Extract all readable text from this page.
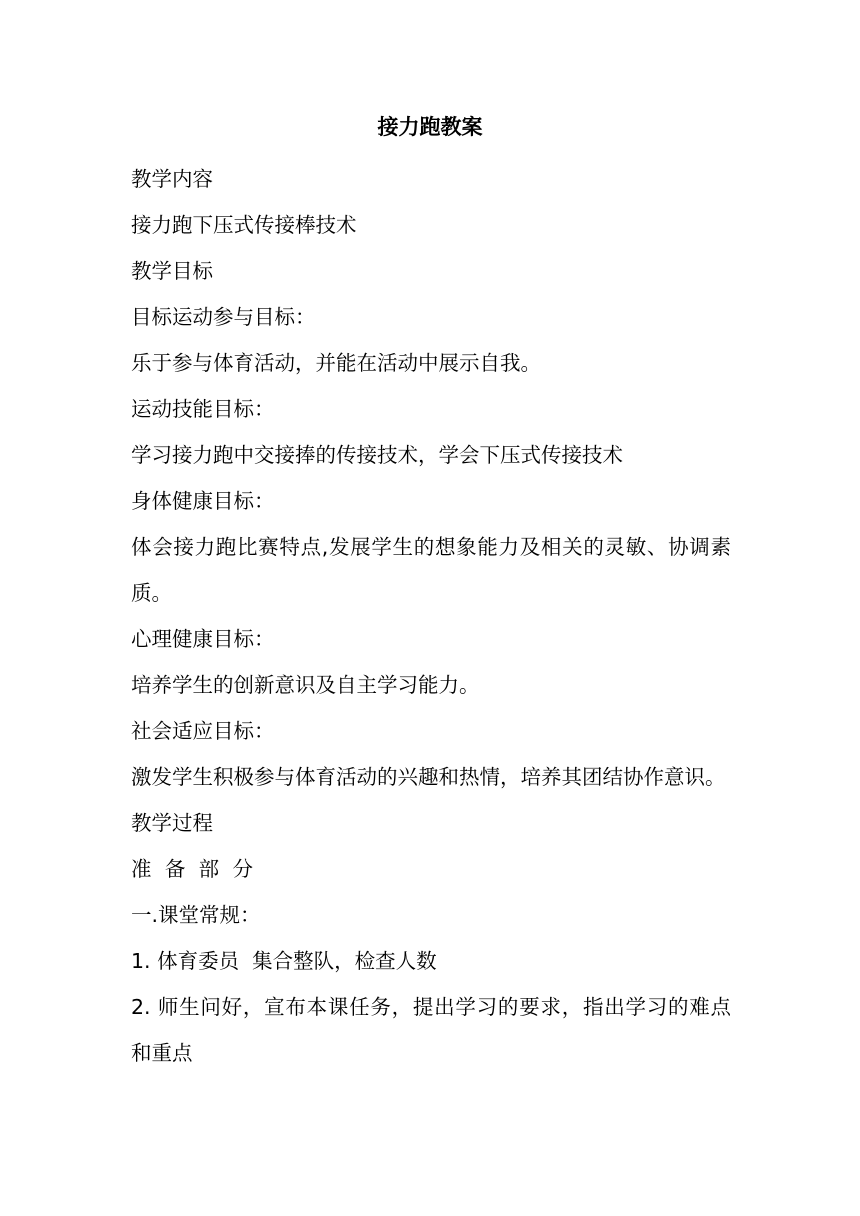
接力跑教案

教学内容

接力跑下压式传接棒技术

教学目标

目标运动参与目标：

乐于参与体育活动，并能在活动中展示自我。

运动技能目标：

学习接力跑中交接捧的传接技术，学会下压式传接技术

身体健康目标：

体会接力跑比赛特点,发展学生的想象能力及相关的灵敏、协调素质。

心理健康目标：

培养学生的创新意识及自主学习能力。

社会适应目标：

激发学生积极参与体育活动的兴趣和热情，培养其团结协作意识。

教学过程

准备部分

一.课堂常规：

1. 体育委员  集合整队，检查人数

2. 师生问好，宣布本课任务，提出学习的要求，指出学习的难点和重点
